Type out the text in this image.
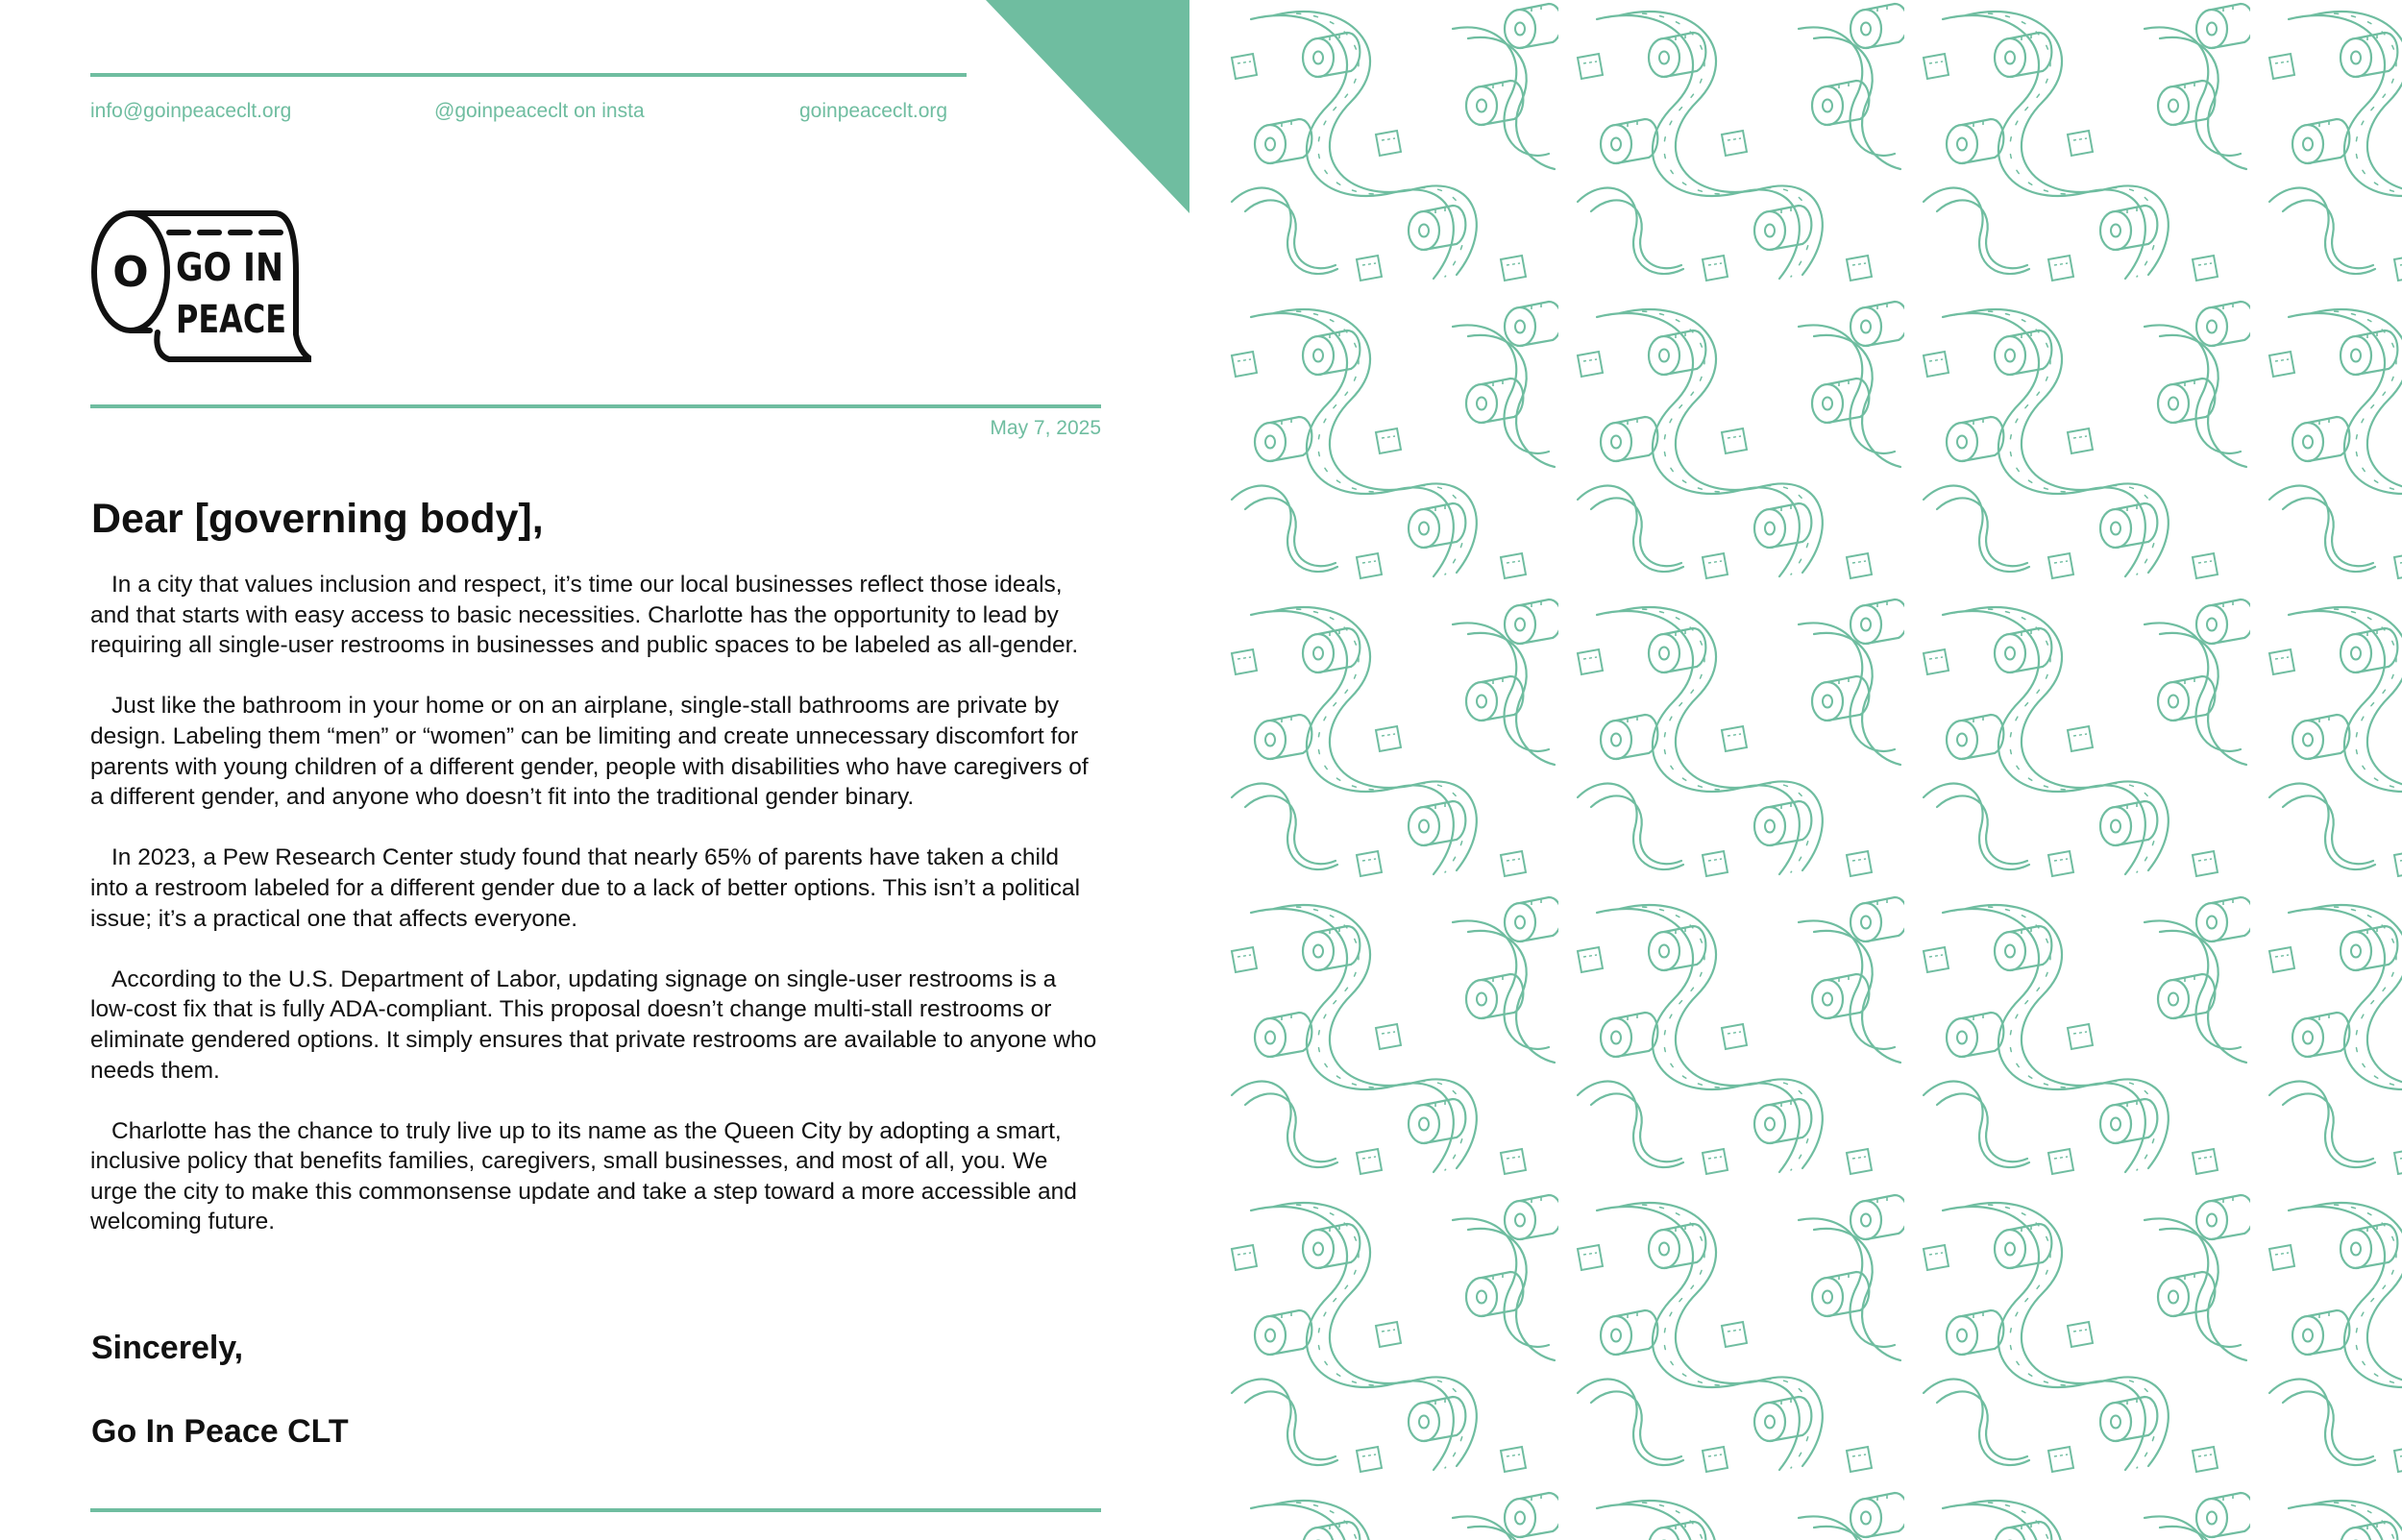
info@goinpeaceclt.org	@goinpeaceclt on insta	goinpeaceclt.org
O GO IN
PEACE
May 7, 2025
Dear [governing body],

In a city that values inclusion and respect, it’s time our local businesses reflect those ideals, and that starts with easy access to basic necessities. Charlotte has the opportunity to lead by requiring all single-user restrooms in businesses and public spaces to be labeled as all-gender.

Just like the bathroom in your home or on an airplane, single-stall bathrooms are private by design. Labeling them “men” or “women” can be limiting and create unnecessary discomfort for parents with young children of a different gender, people with disabilities who have caregivers of a different gender, and anyone who doesn’t fit into the traditional gender binary.

In 2023, a Pew Research Center study found that nearly 65% of parents have taken a child into a restroom labeled for a different gender due to a lack of better options. This isn’t a political issue; it’s a practical one that affects everyone.

According to the U.S. Department of Labor, updating signage on single-user restrooms is a low-cost fix that is fully ADA-compliant. This proposal doesn’t change multi-stall restrooms or eliminate gendered options. It simply ensures that private restrooms are available to anyone who needs them.

Charlotte has the chance to truly live up to its name as the Queen City by adopting a smart, inclusive policy that benefits families, caregivers, small businesses, and most of all, you. We urge the city to make this commonsense update and take a step toward a more accessible and welcoming future.

Sincerely,
Go In Peace CLT
